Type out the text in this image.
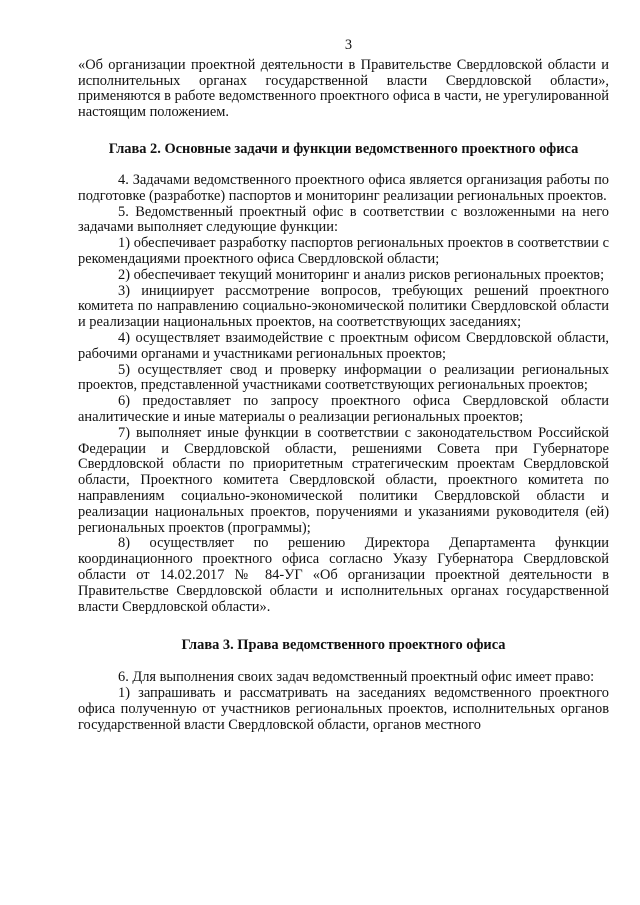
3

«Об организации проектной деятельности в Правительстве Свердловской области и исполнительных органах государственной власти Свердловской области», применяются в работе ведомственного проектного офиса в части, не урегулированной настоящим положением.

Глава 2. Основные задачи и функции ведомственного проектного офиса

4. Задачами ведомственного проектного офиса является организация работы по подготовке (разработке) паспортов и мониторинг реализации региональных проектов.

5. Ведомственный проектный офис в соответствии с возложенными на него задачами выполняет следующие функции:

1) обеспечивает разработку паспортов региональных проектов в соответствии с рекомендациями проектного офиса Свердловской области;

2) обеспечивает текущий мониторинг и анализ рисков региональных проектов;

3) инициирует рассмотрение вопросов, требующих решений проектного комитета по направлению социально-экономической политики Свердловской области и реализации национальных проектов, на соответствующих заседаниях;

4) осуществляет взаимодействие с проектным офисом Свердловской области, рабочими органами и участниками региональных проектов;

5) осуществляет свод и проверку информации о реализации региональных проектов, представленной участниками соответствующих региональных проектов;

6) предоставляет по запросу проектного офиса Свердловской области аналитические и иные материалы о реализации региональных проектов;

7) выполняет иные функции в соответствии с законодательством Российской Федерации и Свердловской области, решениями Совета при Губернаторе Свердловской области по приоритетным стратегическим проектам Свердловской области, Проектного комитета Свердловской области, проектного комитета по направлениям социально-экономической политики Свердловской области и реализации национальных проектов, поручениями и указаниями руководителя (ей) региональных проектов (программы);

8) осуществляет по решению Директора Департамента функции координационного проектного офиса согласно Указу Губернатора Свердловской области от 14.02.2017 № 84-УГ «Об организации проектной деятельности в Правительстве Свердловской области и исполнительных органах государственной власти Свердловской области».

Глава 3. Права ведомственного проектного офиса

6. Для выполнения своих задач ведомственный проектный офис имеет право:

1) запрашивать и рассматривать на заседаниях ведомственного проектного офиса полученную от участников региональных проектов, исполнительных органов государственной власти Свердловской области, органов местного
